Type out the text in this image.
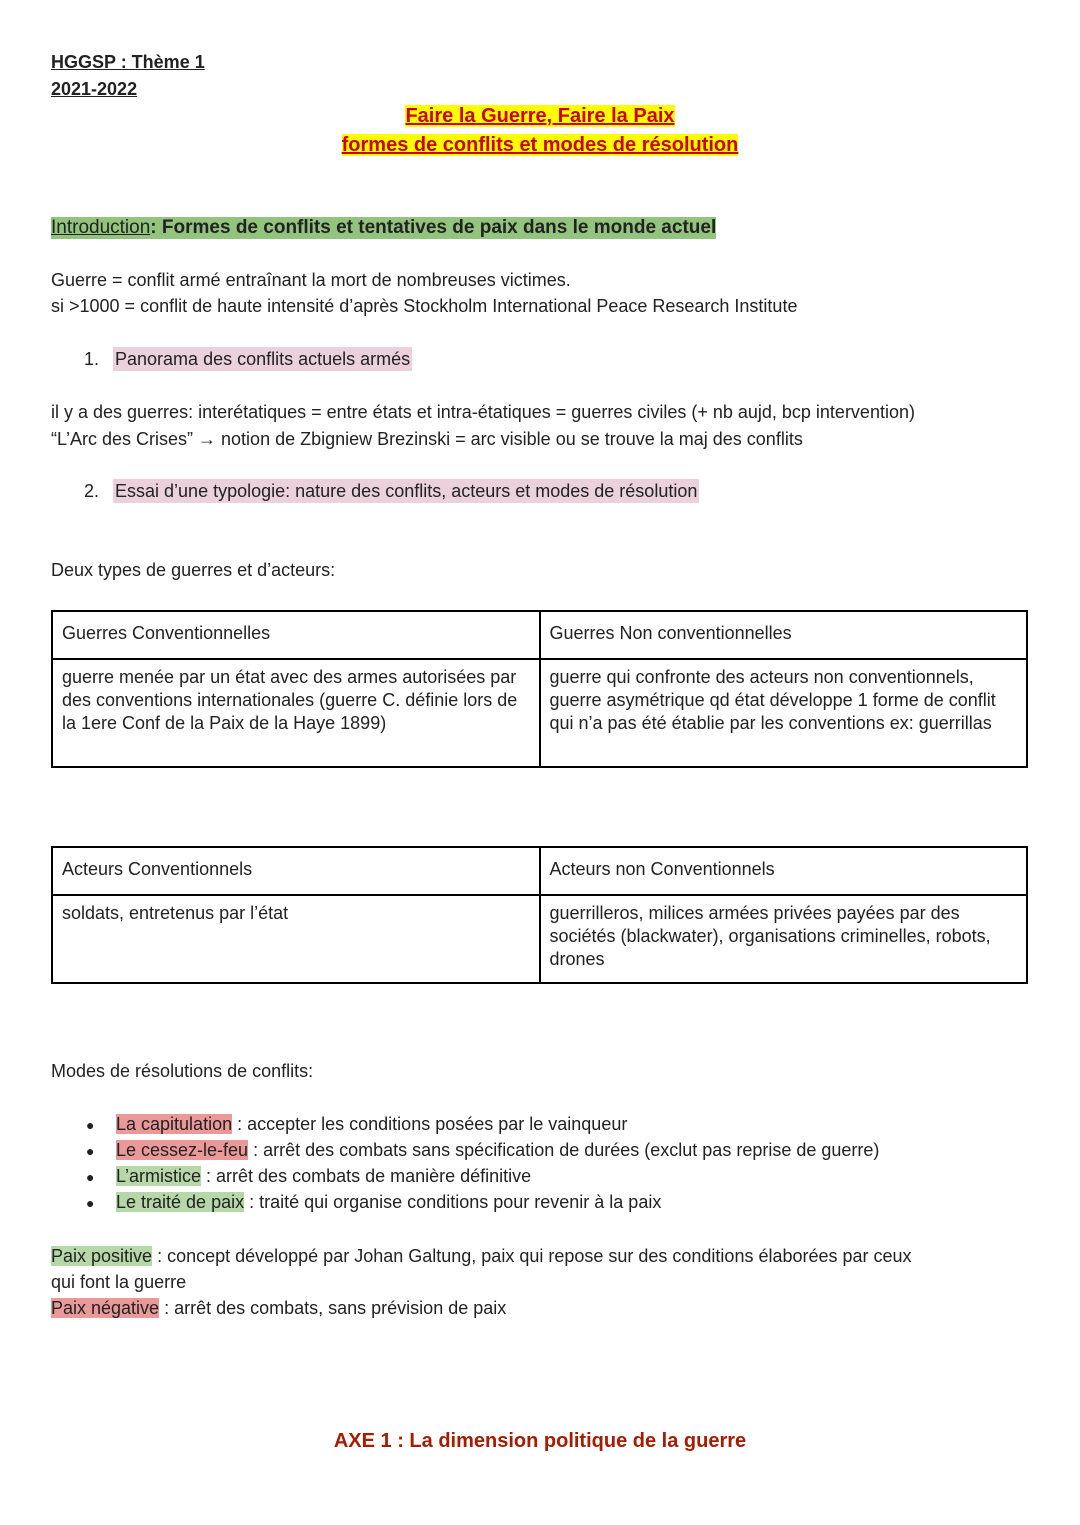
HGGSP : Thème 1
2021-2022
Faire la Guerre, Faire la Paix
formes de conflits et modes de résolution
Introduction: Formes de conflits et tentatives de paix dans le monde actuel
Guerre = conflit armé entraînant la mort de nombreuses victimes.
si >1000 = conflit de haute intensité d’après Stockholm International Peace Research Institute
1. Panorama des conflits actuels armés
il y a des guerres: interétatiques = entre états et intra-étatiques = guerres civiles (+ nb aujd, bcp intervention)
“L’Arc des Crises” → notion de Zbigniew Brezinski = arc visible ou se trouve la maj des conflits
2. Essai d’une typologie: nature des conflits, acteurs et modes de résolution
Deux types de guerres et d’acteurs:
Guerres Conventionnelles	Guerres Non conventionnelles
guerre menée par un état avec des armes autorisées par des conventions internationales (guerre C. définie lors de la 1ere Conf de la Paix de la Haye 1899)	guerre qui confronte des acteurs non conventionnels, guerre asymétrique qd état développe 1 forme de conflit qui n’a pas été établie par les conventions ex: guerrillas
Acteurs Conventionnels	Acteurs non Conventionnels
soldats, entretenus par l’état	guerrilleros, milices armées privées payées par des sociétés (blackwater), organisations criminelles, robots, drones
Modes de résolutions de conflits:
● La capitulation : accepter les conditions posées par le vainqueur
● Le cessez-le-feu : arrêt des combats sans spécification de durées (exclut pas reprise de guerre)
● L’armistice : arrêt des combats de manière définitive
● Le traité de paix : traité qui organise conditions pour revenir à la paix
Paix positive : concept développé par Johan Galtung, paix qui repose sur des conditions élaborées par ceux
qui font la guerre
Paix négative : arrêt des combats, sans prévision de paix
AXE 1 : La dimension politique de la guerre
